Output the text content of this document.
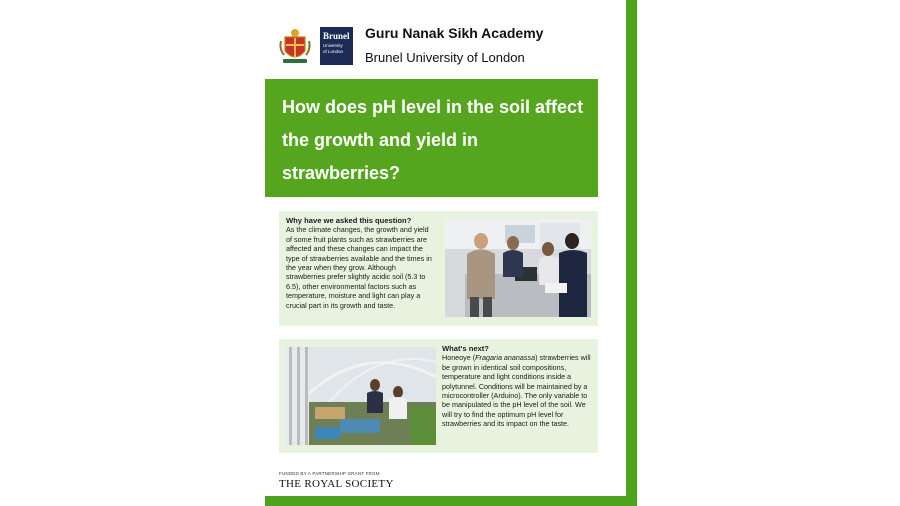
Brunel
University
of London
Guru Nanak Sikh Academy
Brunel University of London
How does pH level in the soil affect the growth and yield in strawberries?
Why have we asked this question?

As the climate changes, the growth and yield of some fruit plants such as strawberries are affected and these changes can impact the type of strawberries available and the times in the year when they grow. Although strawberries prefer slightly acidic soil (5.3 to 6.5), other environmental factors such as temperature, moisture and light can play a crucial part in its growth and taste.

What's next?

Honeoye (Fragaria ananassa) strawberries will be grown in identical soil compositions, temperature and light conditions inside a polytunnel. Conditions will be maintained by a microcontroller (Arduino). The only variable to be manipulated is the pH level of the soil. We will try to find the optimum pH level for strawberries and its impact on the taste.

FUNDED BY A PARTNERSHIP GRANT FROM
THE ROYAL SOCIETY
